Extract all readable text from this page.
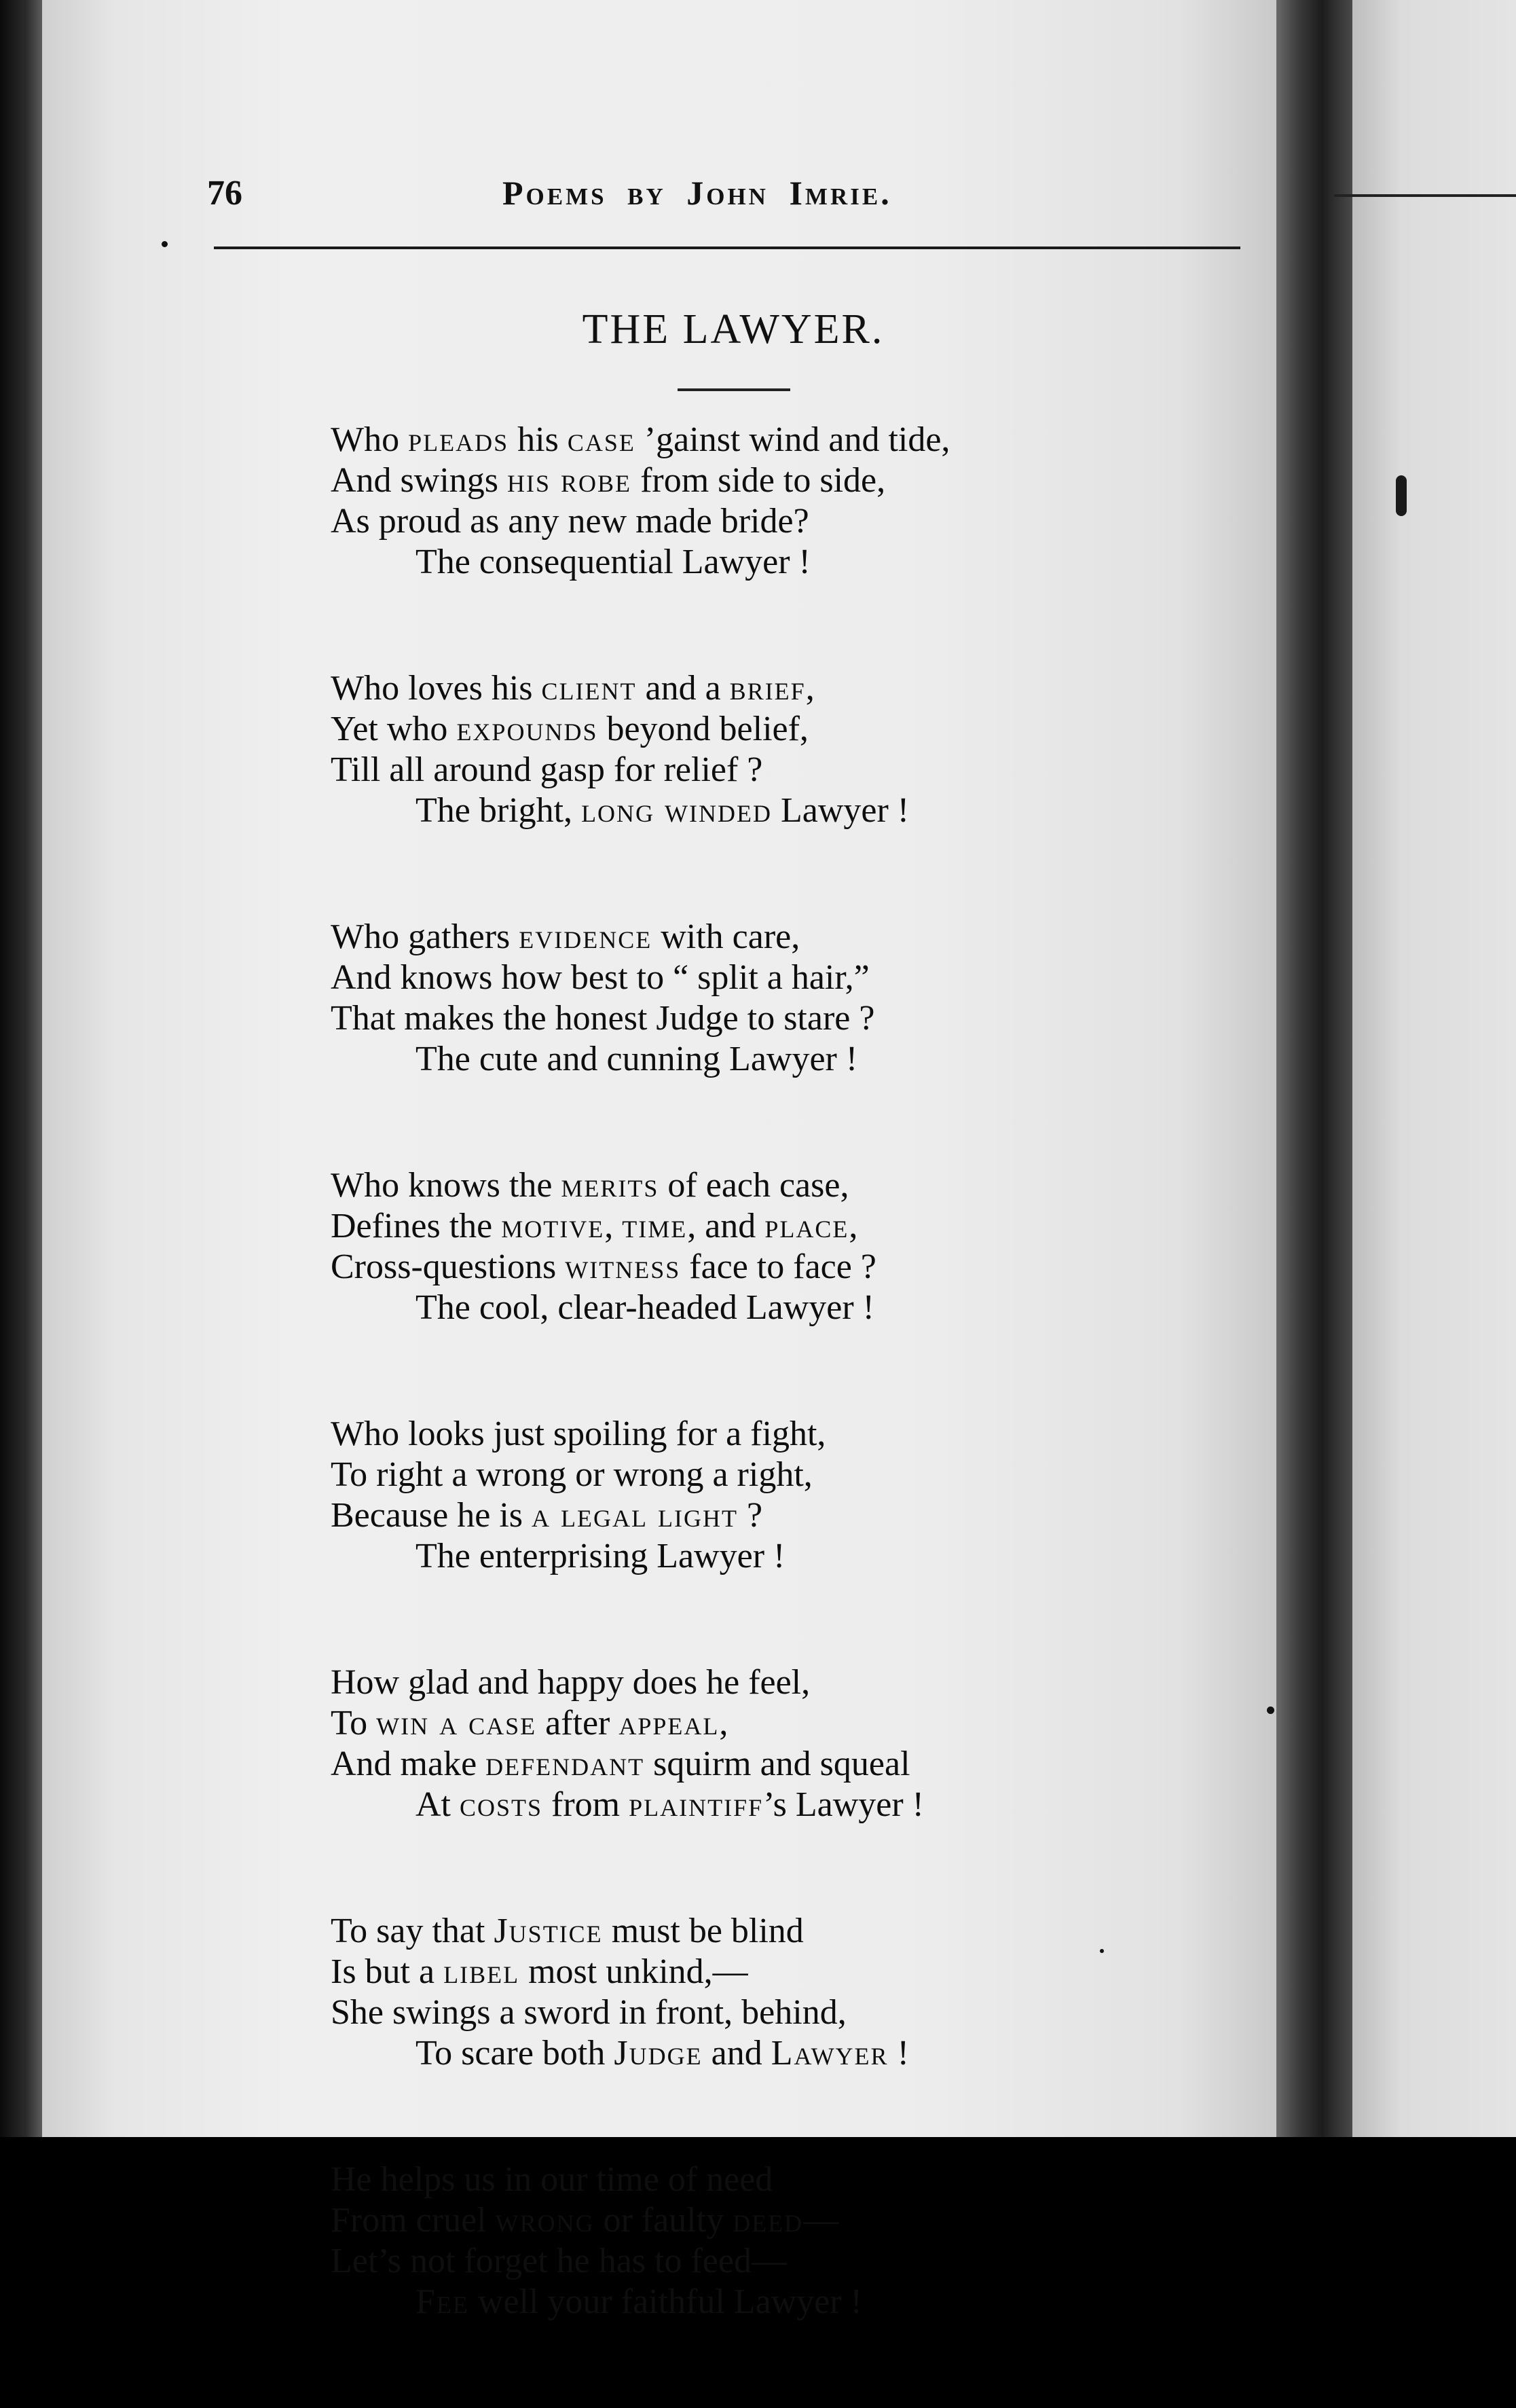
76	Poems by John Imrie.
THE LAWYER.
Who pleads his case ’gainst wind and tide,
And swings his robe from side to side,
As proud as any new made bride?
The consequential Lawyer !
Who loves his client and a brief,
Yet who expounds beyond belief,
Till all around gasp for relief ?
The bright, long winded Lawyer !
Who gathers evidence with care,
And knows how best to “ split a hair,”
That makes the honest Judge to stare ?
The cute and cunning Lawyer !
Who knows the merits of each case,
Defines the motive, time, and place,
Cross-questions witness face to face ?
The cool, clear-headed Lawyer !
Who looks just spoiling for a fight,
To right a wrong or wrong a right,
Because he is a legal light ?
The enterprising Lawyer !
How glad and happy does he feel,
To win a case after appeal,
And make defendant squirm and squeal
At costs from plaintiff’s Lawyer !
To say that Justice must be blind
Is but a libel most unkind,—
She swings a sword in front, behind,
To scare both Judge and Lawyer !
He helps us in our time of need
From cruel wrong or faulty deed—
Let’s not forget he has to feed—
Fee well your faithful Lawyer !
